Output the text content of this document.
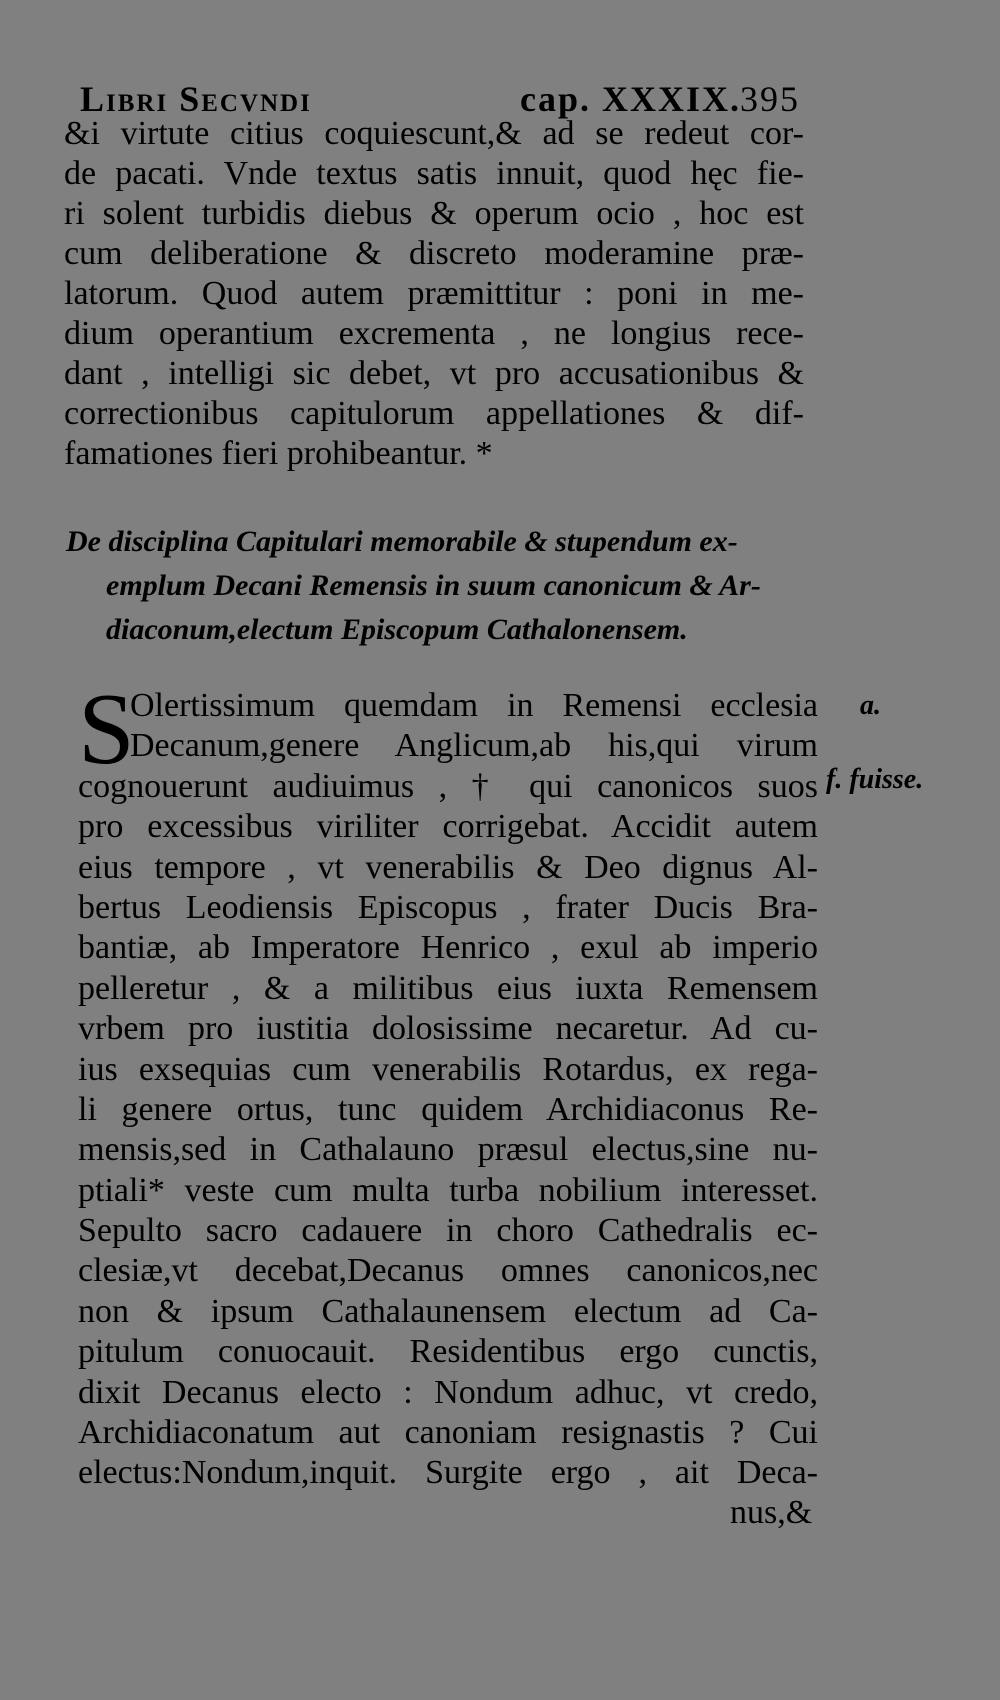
Libri Secvndi	cap. XXXIX.
395
&i virtute citius coquiescunt,& ad se redeut cor-
de pacati. Vnde textus satis innuit, quod hęc fie-
ri solent turbidis diebus & operum ocio , hoc est
cum deliberatione & discreto moderamine præ-
latorum. Quod autem præmittitur : poni in me-
dium operantium excrementa , ne longius rece-
dant , intelligi sic debet, vt pro accusationibus &
correctionibus capitulorum appellationes & dif-
famationes fieri prohibeantur. *
De disciplina Capitulari memorabile & stupendum ex-
emplum Decani Remensis in suum canonicum & Ar-
diaconum,electum Episcopum Cathalonensem.
S
Olertissimum quemdam in Remensi ecclesia
Decanum,genere Anglicum,ab his,qui virum
cognouerunt audiuimus , † qui canonicos suos
pro excessibus viriliter corrigebat. Accidit autem
eius tempore , vt venerabilis & Deo dignus Al-
bertus Leodiensis Episcopus , frater Ducis Bra-
bantiæ, ab Imperatore Henrico , exul ab imperio
pelleretur , & a militibus eius iuxta Remensem
vrbem pro iustitia dolosissime necaretur. Ad cu-
ius exsequias cum venerabilis Rotardus, ex rega-
li genere ortus, tunc quidem Archidiaconus Re-
mensis,sed in Cathalauno præsul electus,sine nu-
ptiali* veste cum multa turba nobilium interesset.
Sepulto sacro cadauere in choro Cathedralis ec-
clesiæ,vt decebat,Decanus omnes canonicos,nec
non & ipsum Cathalaunensem electum ad Ca-
pitulum conuocauit. Residentibus ergo cunctis,
dixit Decanus electo : Nondum adhuc, vt credo,
Archidiaconatum aut canoniam resignastis ? Cui
electus:Nondum,inquit. Surgite ergo , ait Deca-
a.
f. fuisse.
nus,&
